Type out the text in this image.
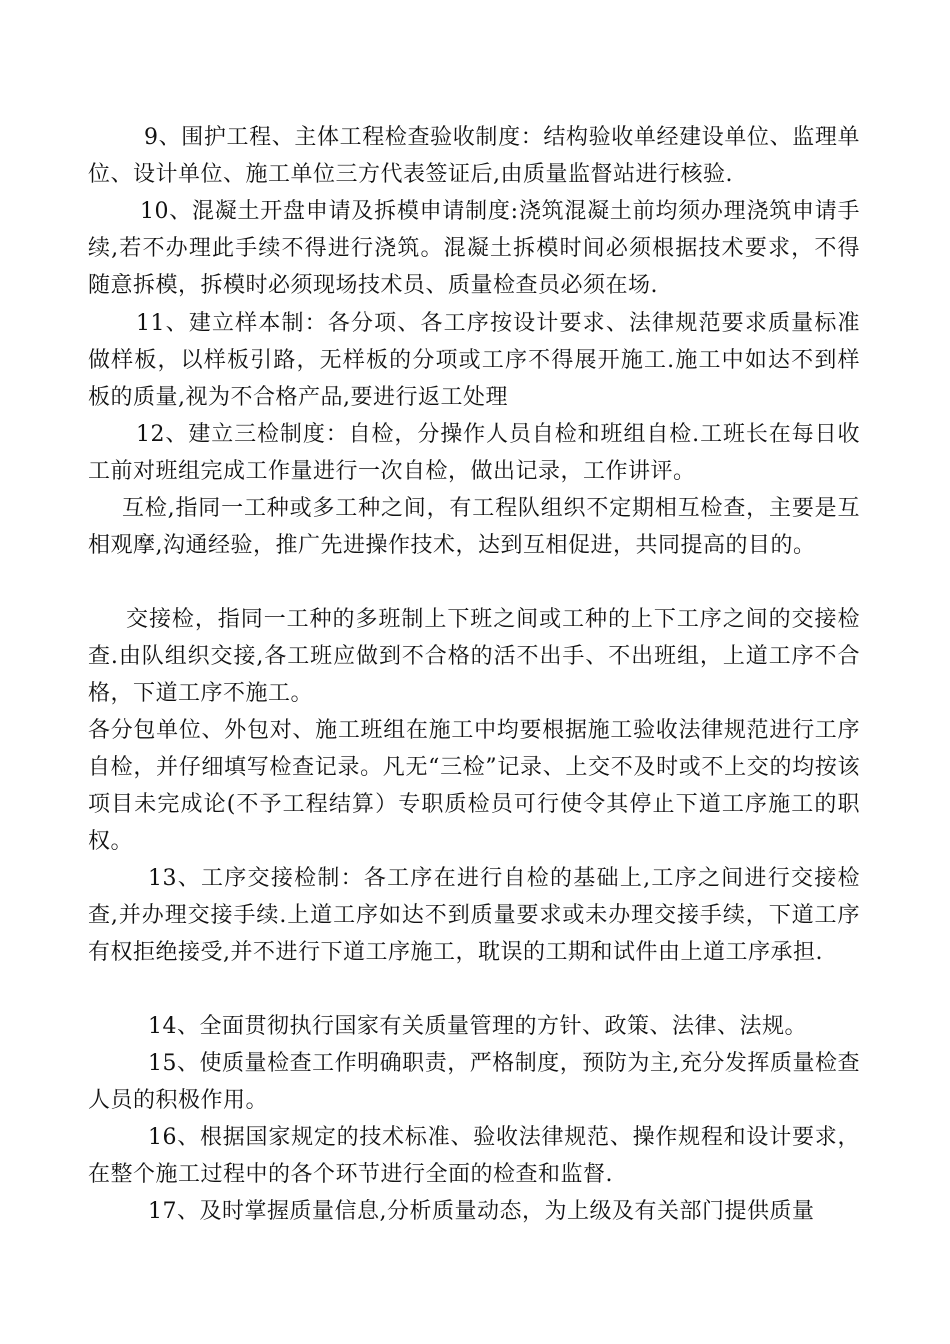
9、围护工程、主体工程检查验收制度：结构验收单经建设单位、监理单位、设计单位、施工单位三方代表签证后,由质量监督站进行核验.

10、混凝土开盘申请及拆模申请制度:浇筑混凝土前均须办理浇筑申请手续,若不办理此手续不得进行浇筑。混凝土拆模时间必须根据技术要求，不得随意拆模，拆模时必须现场技术员、质量检查员必须在场.

11、建立样本制：各分项、各工序按设计要求、法律规范要求质量标准做样板，以样板引路，无样板的分项或工序不得展开施工.施工中如达不到样板的质量,视为不合格产品,要进行返工处理

12、建立三检制度：自检，分操作人员自检和班组自检.工班长在每日收工前对班组完成工作量进行一次自检，做出记录，工作讲评。

互检,指同一工种或多工种之间，有工程队组织不定期相互检查，主要是互相观摩,沟通经验，推广先进操作技术，达到互相促进，共同提高的目的。

交接检，指同一工种的多班制上下班之间或工种的上下工序之间的交接检查.由队组织交接,各工班应做到不合格的活不出手、不出班组，上道工序不合格，下道工序不施工。

各分包单位、外包对、施工班组在施工中均要根据施工验收法律规范进行工序自检，并仔细填写检查记录。凡无“三检”记录、上交不及时或不上交的均按该项目未完成论(不予工程结算）专职质检员可行使令其停止下道工序施工的职权。

13、工序交接检制：各工序在进行自检的基础上,工序之间进行交接检查,并办理交接手续.上道工序如达不到质量要求或未办理交接手续，下道工序有权拒绝接受,并不进行下道工序施工，耽误的工期和试件由上道工序承担.

14、全面贯彻执行国家有关质量管理的方针、政策、法律、法规。

15、使质量检查工作明确职责，严格制度，预防为主,充分发挥质量检查人员的积极作用。

16、根据国家规定的技术标准、验收法律规范、操作规程和设计要求，在整个施工过程中的各个环节进行全面的检查和监督.

17、及时掌握质量信息,分析质量动态，为上级及有关部门提供质量
